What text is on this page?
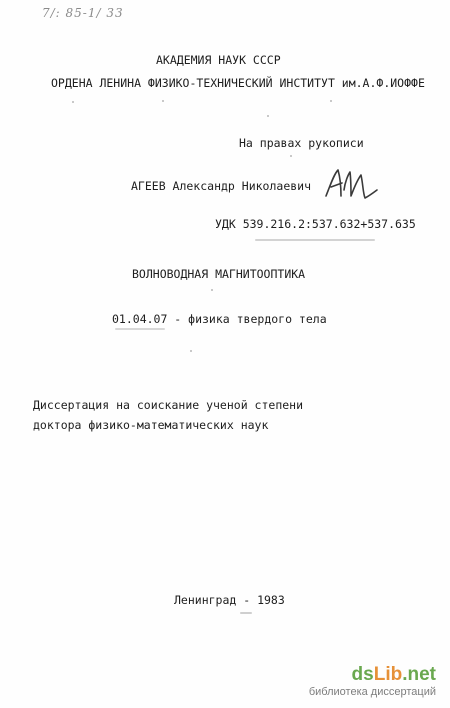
7/: 85-1/ 33
АКАДЕМИЯ НАУК СССР
ОРДЕНА ЛЕНИНА ФИЗИКО-ТЕХНИЧЕСКИЙ ИНСТИТУТ им.А.Ф.ИОФФЕ
На правах рукописи
АГЕЕВ Александр Николаевич
УДК 539.216.2:537.632+537.635
ВОЛНОВОДНАЯ МАГНИТООПТИКА
01.04.07 - физика твердого тела
Диссертация на соискание ученой степени
доктора физико-математических наук
Ленинград - 1983
dsLib.net
библиотека диссертаций
